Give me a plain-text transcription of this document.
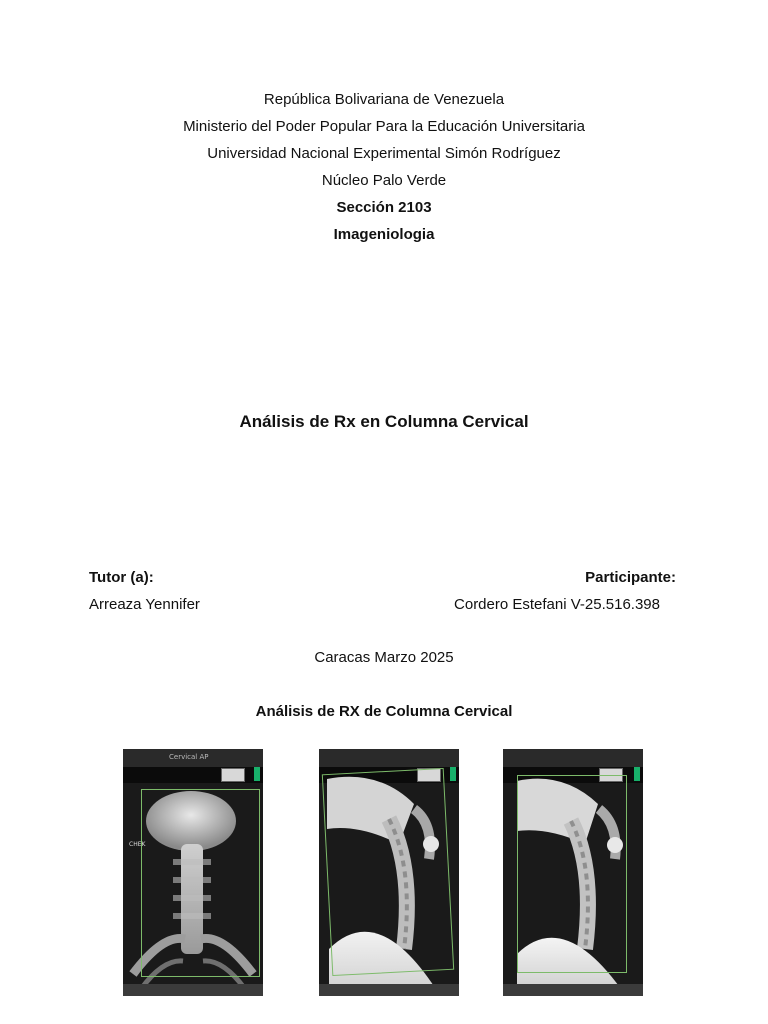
República Bolivariana de Venezuela
Ministerio del Poder Popular Para la Educación Universitaria
Universidad Nacional Experimental Simón Rodríguez
Núcleo Palo Verde
Sección 2103
Imageniologia
Análisis de Rx en Columna Cervical
Tutor (a):
Arreaza Yennifer
Participante:
Cordero Estefani V-25.516.398
Caracas Marzo 2025
Análisis de RX de Columna Cervical
Cervical AP
CHEK
